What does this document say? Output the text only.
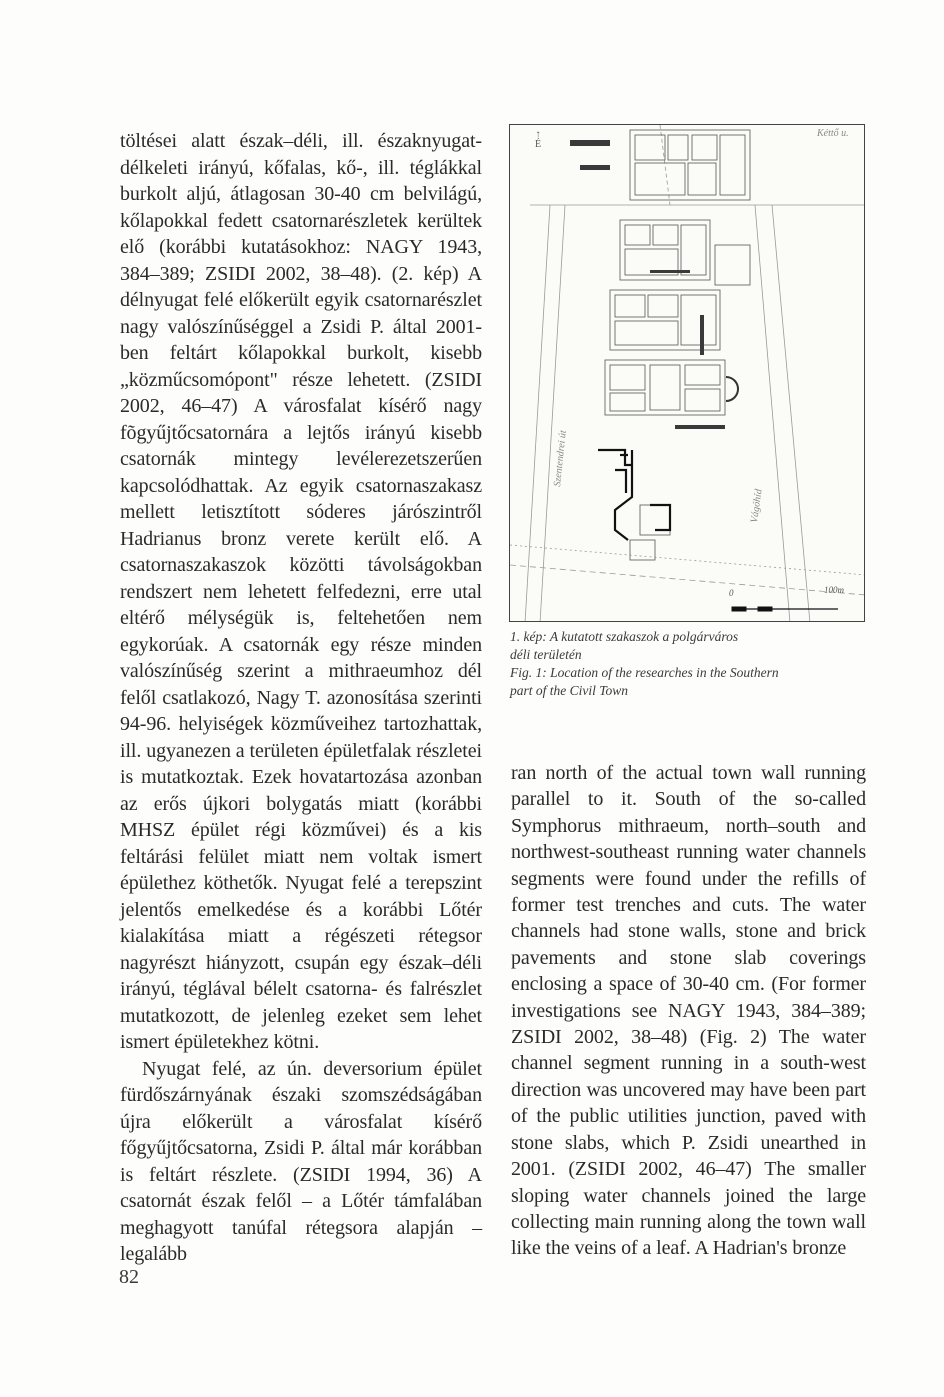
töltései alatt észak–déli, ill. északnyugat-délkeleti irányú, kőfalas, kő-, ill. téglákkal burkolt aljú, átlagosan 30-40 cm belvilágú, kőlapokkal fedett csatornarészletek kerültek elő (korábbi kutatásokhoz: NAGY 1943, 384–389; ZSIDI 2002, 38–48). (2. kép) A délnyugat felé előkerült egyik csatornarészlet nagy valószínűséggel a Zsidi P. által 2001-ben feltárt kőlapokkal burkolt, kisebb „közműcsomópont" része lehetett. (ZSIDI 2002, 46–47) A városfalat kísérő nagy fõgyűjtőcsatornára a lejtős irányú kisebb csatornák mintegy levélerezetszerűen kapcsolódhattak. Az egyik csatornaszakasz mellett letisztított sóderes járószintről Hadrianus bronz verete került elő. A csatornaszakaszok közötti távolságokban rendszert nem lehetett felfedezni, erre utal eltérő mélységük is, feltehetően nem egykorúak. A csatornák egy része minden valószínűség szerint a mithraeumhoz dél felől csatlakozó, Nagy T. azonosítása szerinti 94-96. helyiségek közműveihez tartozhattak, ill. ugyanezen a területen épületfalak részletei is mutatkoztak. Ezek hovatartozása azonban az erős újkori bolygatás miatt (korábbi MHSZ épület régi közművei) és a kis feltárási felület miatt nem voltak ismert épülethez köthetők. Nyugat felé a terepszint jelentős emelkedése és a korábbi Lőtér kialakítása miatt a régészeti rétegsor nagyrészt hiányzott, csupán egy észak–déli irányú, téglával bélelt csatorna- és falrészlet mutatkozott, de jelenleg ezeket sem lehet ismert épületekhez kötni.

Nyugat felé, az ún. deversorium épület fürdőszárnyának északi szomszédságában újra előkerült a városfalat kísérő főgyűjtőcsatorna, Zsidi P. által már korábban is feltárt részlete. (ZSIDI 1994, 36) A csatornát észak felől – a Lőtér támfalában meghagyott tanúfal rétegsora alapján – legalább

↑
É
Kéttő u.
Szentendrei út
Vágóhíd
0	100m
1. kép: A kutatott szakaszok a polgárváros
déli területén
Fig. 1: Location of the researches in the Southern
part of the Civil Town

ran north of the actual town wall running parallel to it. South of the so-called Symphorus mithraeum, north–south and northwest-southeast running water channels segments were found under the refills of former test trenches and cuts. The water channels had stone walls, stone and brick pavements and stone slab coverings enclosing a space of 30-40 cm. (For former investigations see NAGY 1943, 384–389; ZSIDI 2002, 38–48) (Fig. 2) The water channel segment running in a south-west direction was uncovered may have been part of the public utilities junction, paved with stone slabs, which P. Zsidi unearthed in 2001. (ZSIDI 2002, 46–47) The smaller sloping water channels joined the large collecting main running along the town wall like the veins of a leaf. A Hadrian's bronze

82
